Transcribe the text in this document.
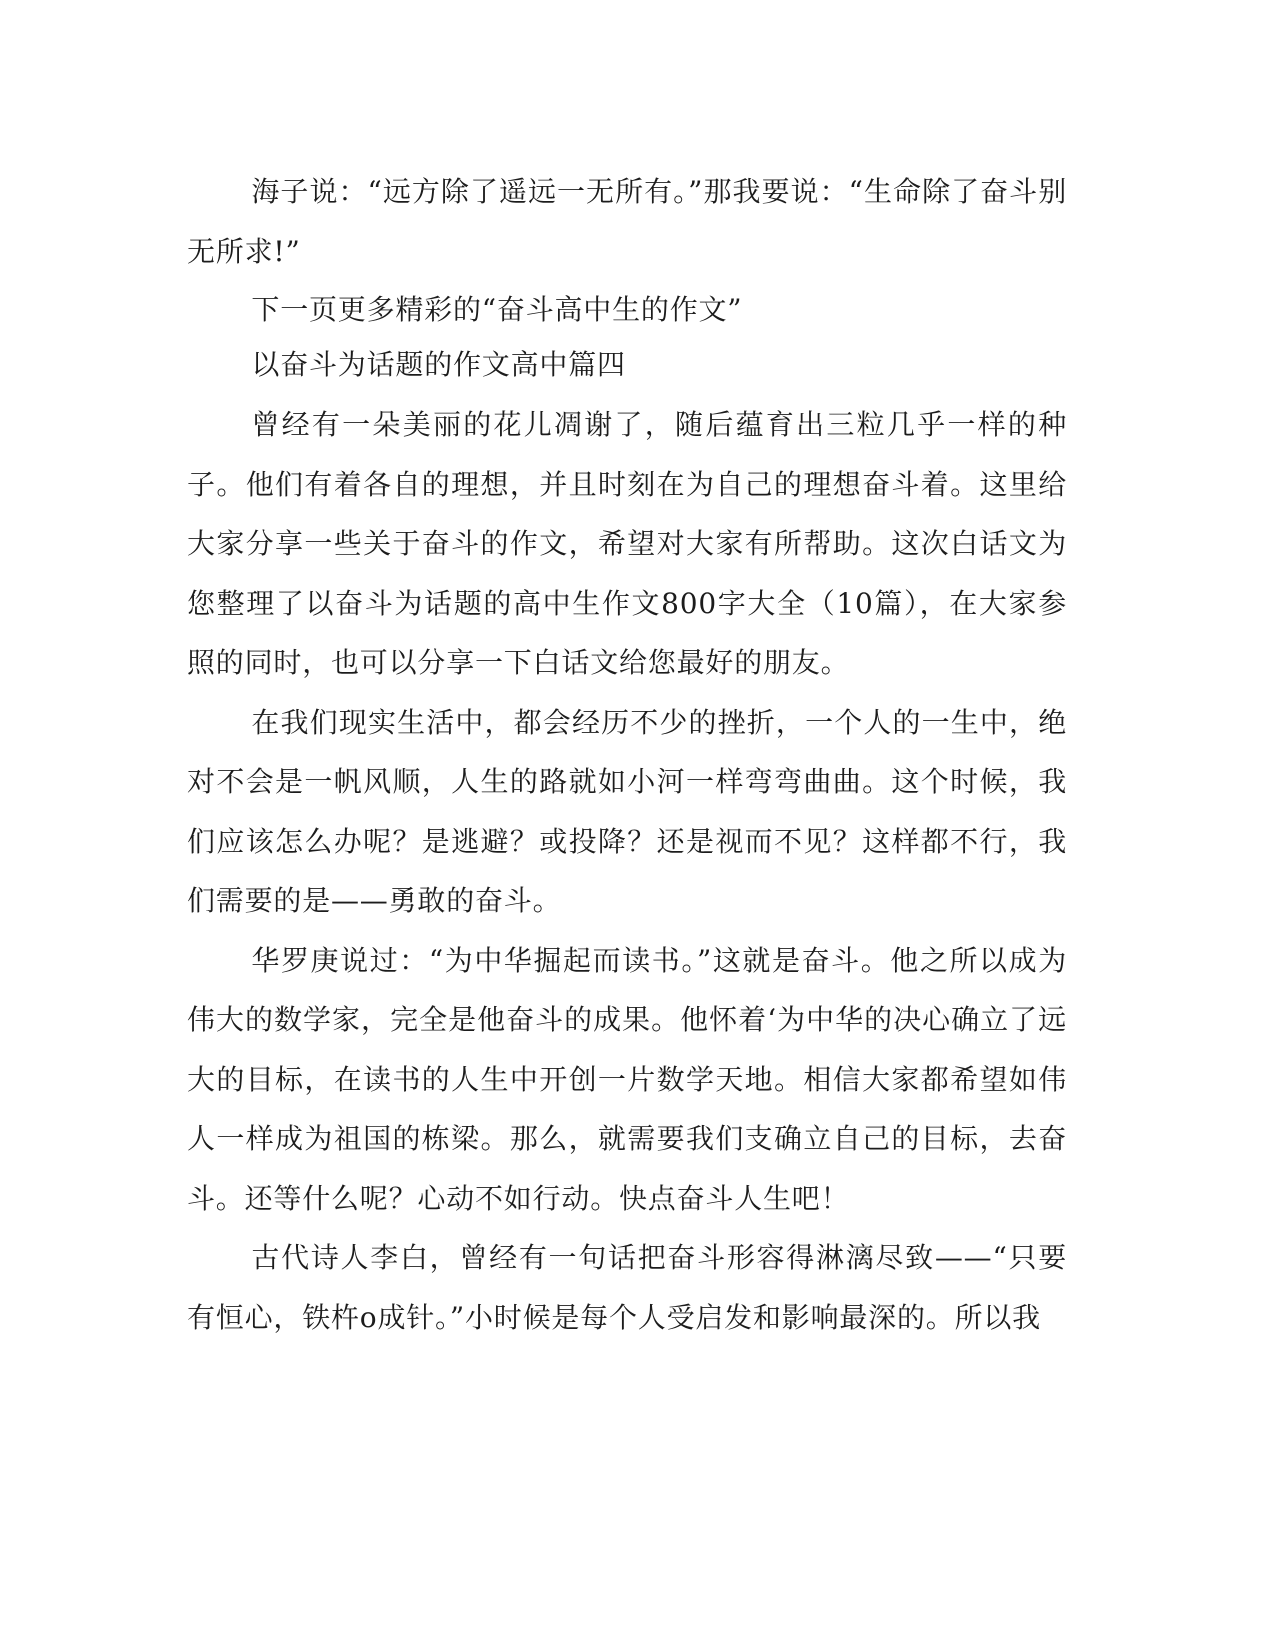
海子说：“远方除了遥远一无所有。”那我要说：“生命除了奋斗别无所求!”

下一页更多精彩的“奋斗高中生的作文”

以奋斗为话题的作文高中篇四

曾经有一朵美丽的花儿凋谢了，随后蕴育出三粒几乎一样的种子。他们有着各自的理想，并且时刻在为自己的理想奋斗着。这里给大家分享一些关于奋斗的作文，希望对大家有所帮助。这次白话文为您整理了以奋斗为话题的高中生作文800字大全（10篇），在大家参照的同时，也可以分享一下白话文给您最好的朋友。

在我们现实生活中，都会经历不少的挫折，一个人的一生中，绝对不会是一帆风顺，人生的路就如小河一样弯弯曲曲。这个时候，我们应该怎么办呢？是逃避？或投降？还是视而不见？这样都不行，我们需要的是——勇敢的奋斗。

华罗庚说过：“为中华掘起而读书。”这就是奋斗。他之所以成为伟大的数学家，完全是他奋斗的成果。他怀着‘为中华的决心确立了远大的目标，在读书的人生中开创一片数学天地。相信大家都希望如伟人一样成为祖国的栋梁。那么，就需要我们支确立自己的目标，去奋斗。还等什么呢？心动不如行动。快点奋斗人生吧！

古代诗人李白，曾经有一句话把奋斗形容得淋漓尽致——“只要有恒心，铁杵o成针。”小时候是每个人受启发和影响最深的。所以我
